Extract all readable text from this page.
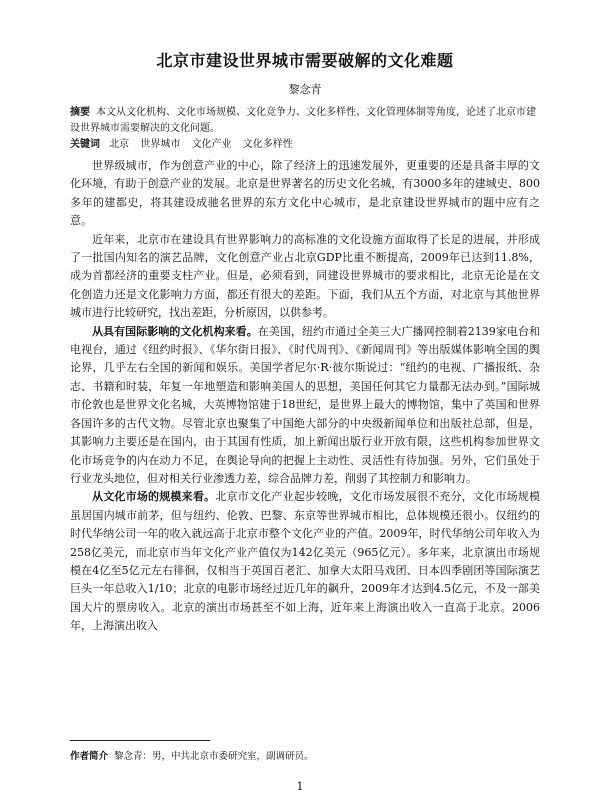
北京市建设世界城市需要破解的文化难题
黎念青

摘要 本文从文化机构、文化市场规模、文化竞争力、文化多样性、文化管理体制等角度，论述了北京市建设世界城市需要解决的文化问题。

关键词 北京 世界城市 文化产业 文化多样性

世界级城市，作为创意产业的中心，除了经济上的迅速发展外，更重要的还是具备丰厚的文化环境，有助于创意产业的发展。北京是世界著名的历史文化名城，有3000多年的建城史、800多年的建都史，将其建设成驰名世界的东方文化中心城市，是北京建设世界城市的题中应有之意。

近年来，北京市在建设具有世界影响力的高标准的文化设施方面取得了长足的进展，并形成了一批国内知名的演艺品牌，文化创意产业占北京GDP比重不断提高，2009年已达到11.8%，成为首都经济的重要支柱产业。但是，必须看到，同建设世界城市的要求相比，北京无论是在文化创造力还是文化影响力方面，都还有很大的差距。下面，我们从五个方面，对北京与其他世界城市进行比较研究，找出差距，分析原因，以供参考。

从具有国际影响的文化机构来看。在美国，纽约市通过全美三大广播网控制着2139家电台和电视台，通过《纽约时报》、《华尔街日报》、《时代周刊》、《新闻周刊》等出版媒体影响全国的舆论界，几乎左右全国的新闻和娱乐。美国学者尼尔·R·彼尔斯说过：“纽约的电视、广播报纸、杂志、书籍和时装，年复一年地塑造和影响美国人的思想，美国任何其它力量都无法办到。”国际城市伦敦也是世界文化名城，大英博物馆建于18世纪，是世界上最大的博物馆，集中了英国和世界各国许多的古代文物。尽管北京也聚集了中国绝大部分的中央级新闻单位和出版社总部，但是，其影响力主要还是在国内，由于其国有性质，加上新闻出版行业开放有限，这些机构参加世界文化市场竞争的内在动力不足，在舆论导向的把握上主动性、灵活性有待加强。另外，它们虽处于行业龙头地位，但对相关行业渗透力差，综合品牌力差，削弱了其控制力和影响力。

从文化市场的规模来看。北京市文化产业起步较晚，文化市场发展很不充分，文化市场规模虽居国内城市前茅，但与纽约、伦敦、巴黎、东京等世界城市相比，总体规模还很小。仅纽约的时代华纳公司一年的收入就远高于北京市整个文化产业的产值。2009年，时代华纳公司年收入为258亿美元，而北京市当年文化产业产值仅为142亿美元（965亿元）。多年来，北京演出市场规模在4亿至5亿元左右徘徊，仅相当于英国百老汇、加拿大太阳马戏团、日本四季剧团等国际演艺巨头一年总收入1/10；北京的电影市场经过近几年的飙升，2009年才达到4.5亿元，不及一部美国大片的票房收入。北京的演出市场甚至不如上海，近年来上海演出收入一直高于北京。2006年，上海演出收入

作者简介 黎念青：男，中共北京市委研究室，副调研员。
1
